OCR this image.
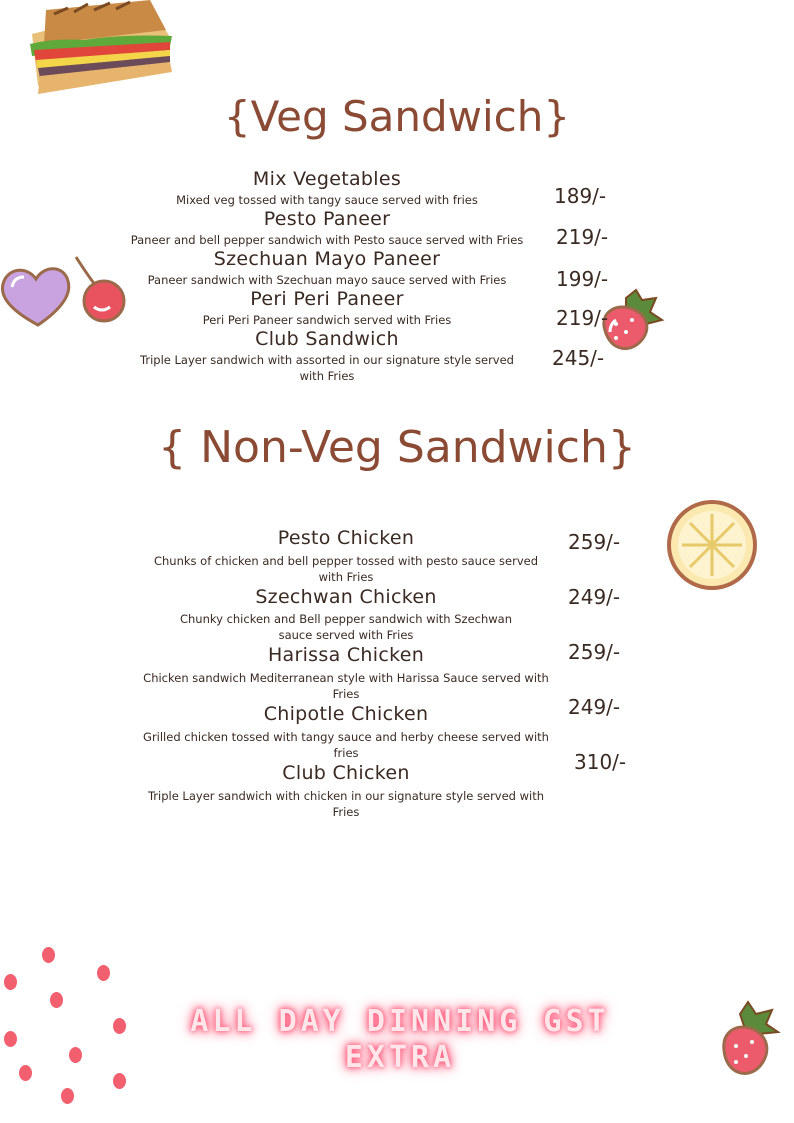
{Veg Sandwich}
Mix Vegetables
Mixed veg tossed with tangy sauce served with fries	189/-
Pesto Paneer
Paneer and bell pepper sandwich with Pesto sauce served with Fries 219/-
Szechuan Mayo Paneer
Paneer sandwich with Szechuan mayo sauce served with Fries	199/-
Peri Peri Paneer
Peri Peri Paneer sandwich served with Fries	219/-
Club Sandwich
Triple Layer sandwich with assorted in our signature style served with Fries
245/-
{ Non-Veg Sandwich}
Pesto Chicken
Chunks of chicken and bell pepper tossed with pesto sauce served with Fries
259/-
Szechwan Chicken
Chunky chicken and Bell pepper sandwich with Szechwan sauce served with Fries
249/-
Harissa Chicken
Chicken sandwich Mediterranean style with Harissa Sauce served with Fries
259/-
Chipotle Chicken
Grilled chicken tossed with tangy sauce and herby cheese served with fries
249/-
Club Chicken
Triple Layer sandwich with chicken in our signature style served with Fries
310/-
ALL DAY DINNING GST EXTRA
